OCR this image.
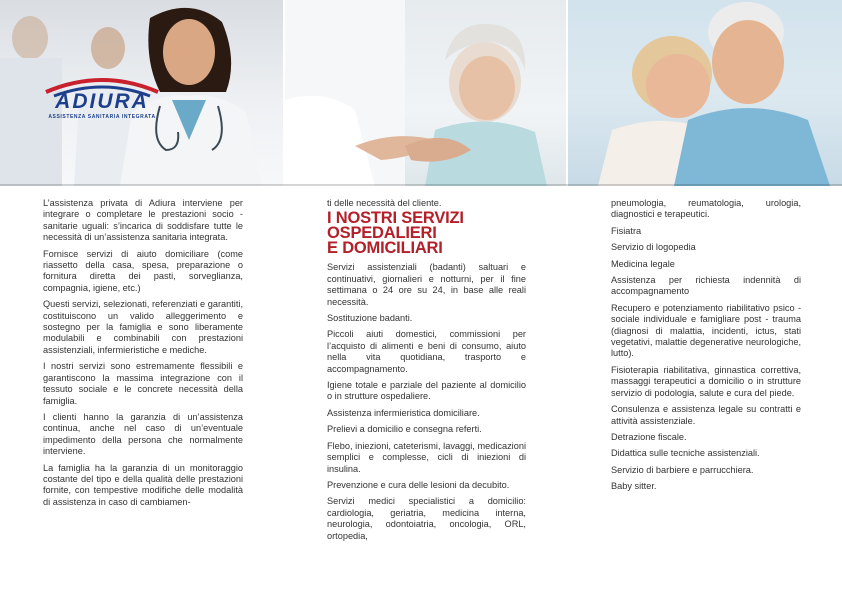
ADIURA
ASSISTENZA SANITARIA INTEGRATA

L’assistenza privata di Adiura interviene per integrare o completare le prestazioni socio - sanitarie uguali: s’incarica di soddisfare tutte le necessità di un’assistenza sanitaria integrata.

Fornisce servizi di aiuto domiciliare (come riassetto della casa, spesa, preparazione o fornitura diretta dei pasti, sorveglianza, compagnia, igiene, etc.)

Questi servizi, selezionati, referenziati e garantiti, costituiscono un valido alleggerimento e sostegno per la famiglia e sono liberamente modulabili e combinabili con prestazioni assistenziali, infermieristiche e mediche.

I nostri servizi sono estremamente flessibili e garantiscono la massima integrazione con il tessuto sociale e le concrete necessità della famiglia.

I clienti hanno la garanzia di un’assistenza continua, anche nel caso di un’eventuale impedimento della persona che normalmente interviene.

La famiglia ha la garanzia di un monitoraggio costante del tipo e della qualità delle prestazioni fornite, con tempestive modifiche delle modalità di assistenza in caso di cambiamen-

ti delle necessità del cliente.

I NOSTRI SERVIZI
OSPEDALIERI
E DOMICILIARI

Servizi assistenziali (badanti) saltuari e continuativi, giornalieri e notturni, per il fine settimana o 24 ore su 24, in base alle reali necessità.

Sostituzione badanti.

Piccoli aiuti domestici, commissioni per l’acquisto di alimenti e beni di consumo, aiuto nella vita quotidiana, trasporto e accompagnamento.

Igiene totale e parziale del paziente al domicilio o in strutture ospedaliere.

Assistenza infermieristica domiciliare.

Prelievi a domicilio e consegna referti.

Flebo, iniezioni, cateterismi, lavaggi, medicazioni semplici e complesse, cicli di iniezioni di insulina.

Prevenzione e cura delle lesioni da decubito.

Servizi medici specialistici a domicilio: cardiologia, geriatria, medicina interna, neurologia, odontoiatria, oncologia, ORL, ortopedia,

pneumologia, reumatologia, urologia, diagnostici e terapeutici.

Fisiatra

Servizio di logopedia

Medicina legale

Assistenza per richiesta indennità di accompagnamento

Recupero e potenziamento riabilitativo psico - sociale individuale e famigliare post - trauma (diagnosi di malattia, incidenti, ictus, stati vegetativi, malattie degenerative neurologiche, lutto).

Fisioterapia riabilitativa, ginnastica correttiva, massaggi terapeutici a domicilio o in strutture servizio di podologia, salute e cura del piede.

Consulenza e assistenza legale su contratti e attività assistenziale.

Detrazione fiscale.

Didattica sulle tecniche assistenziali.

Servizio di barbiere e parrucchiera.

Baby sitter.
